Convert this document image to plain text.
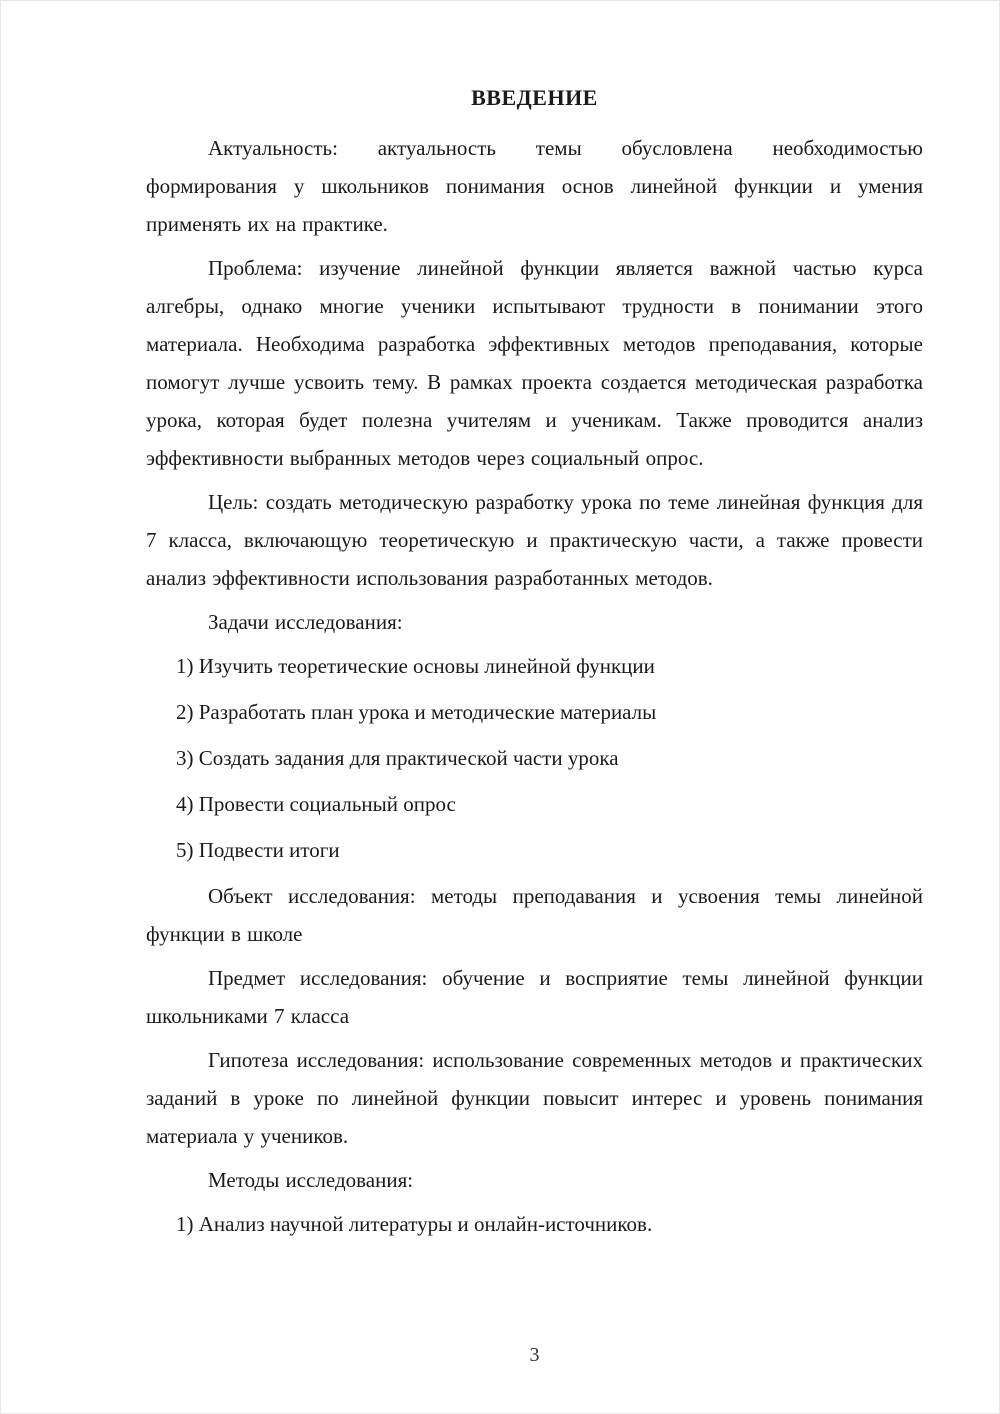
ВВЕДЕНИЕ

Актуальность: актуальность темы обусловлена необходимостью формирования у школьников понимания основ линейной функции и умения применять их на практике.

Проблема: изучение линейной функции является важной частью курса алгебры, однако многие ученики испытывают трудности в понимании этого материала. Необходима разработка эффективных методов преподавания, которые помогут лучше усвоить тему. В рамках проекта создается методическая разработка урока, которая будет полезна учителям и ученикам. Также проводится анализ эффективности выбранных методов через социальный опрос.

Цель: создать методическую разработку урока по теме линейная функция для 7 класса, включающую теоретическую и практическую части, а также провести анализ эффективности использования разработанных методов.

Задачи исследования:

1) Изучить теоретические основы линейной функции

2) Разработать план урока и методические материалы

3) Создать задания для практической части урока

4) Провести социальный опрос

5) Подвести итоги

Объект исследования: методы преподавания и усвоения темы линейной функции в школе

Предмет исследования: обучение и восприятие темы линейной функции школьниками 7 класса

Гипотеза исследования: использование современных методов и практических заданий в уроке по линейной функции повысит интерес и уровень понимания материала у учеников.

Методы исследования:

1) Анализ научной литературы и онлайн-источников.

3
